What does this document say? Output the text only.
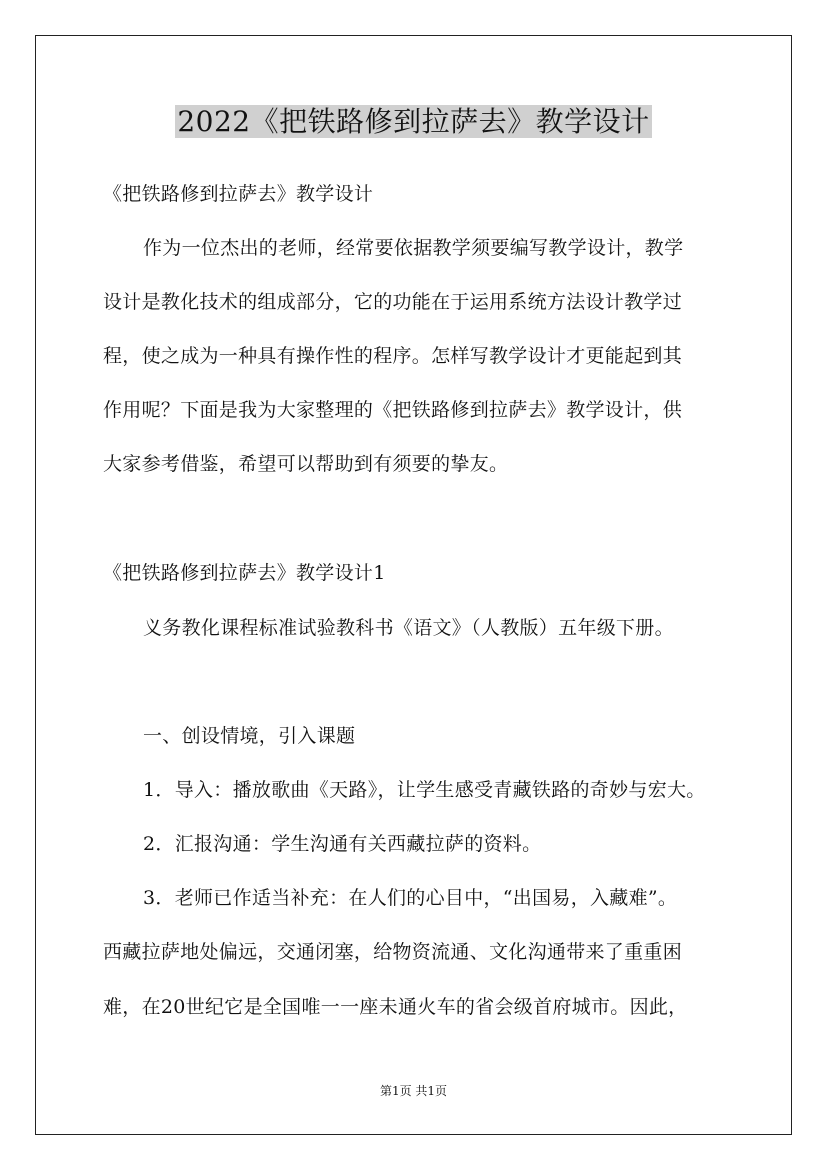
2022《把铁路修到拉萨去》教学设计
《把铁路修到拉萨去》教学设计
作为一位杰出的老师，经常要依据教学须要编写教学设计，教学
设计是教化技术的组成部分，它的功能在于运用系统方法设计教学过
程，使之成为一种具有操作性的程序。怎样写教学设计才更能起到其
作用呢？下面是我为大家整理的《把铁路修到拉萨去》教学设计，供
大家参考借鉴，希望可以帮助到有须要的挚友。
《把铁路修到拉萨去》教学设计1
义务教化课程标准试验教科书《语文》（人教版）五年级下册。
一、创设情境，引入课题
1．导入：播放歌曲《天路》，让学生感受青藏铁路的奇妙与宏大。
2．汇报沟通：学生沟通有关西藏拉萨的资料。
3．老师已作适当补充：在人们的心目中，“出国易，入藏难”。
西藏拉萨地处偏远，交通闭塞，给物资流通、文化沟通带来了重重困
难，在20世纪它是全国唯一一座未通火车的省会级首府城市。因此，
第1页 共1页
